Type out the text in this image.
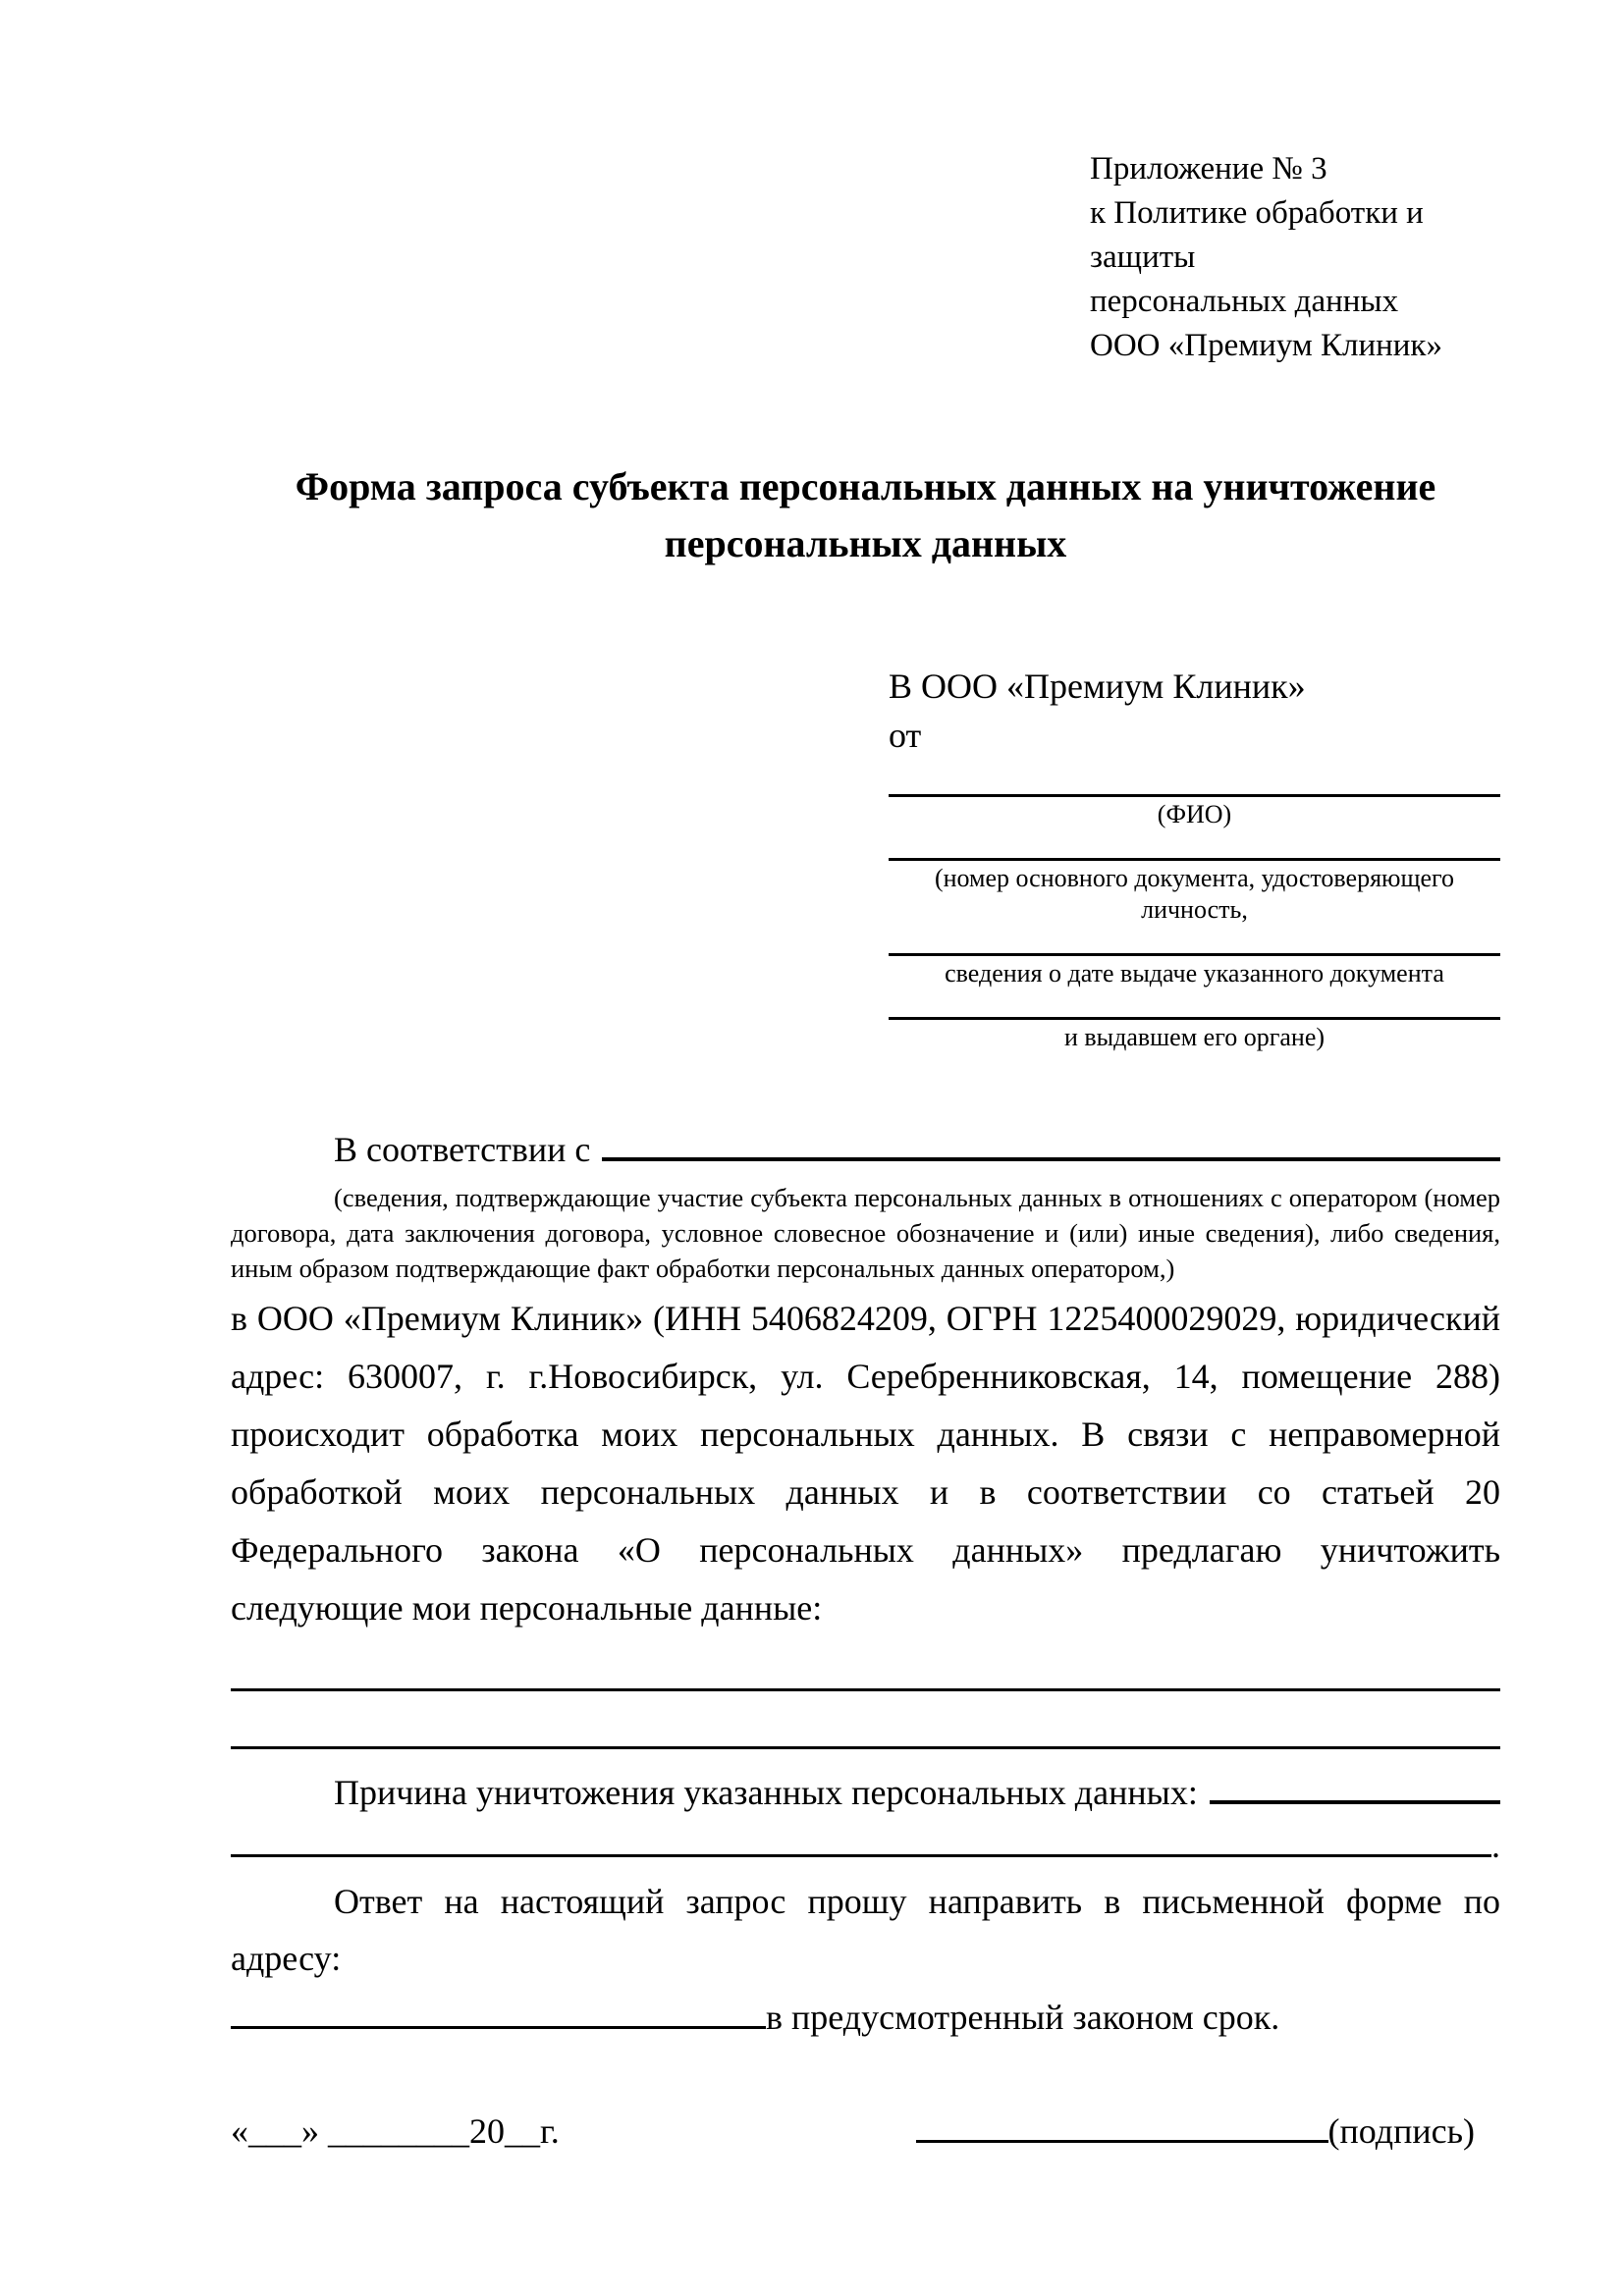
Приложение № 3
к Политике обработки и защиты
персональных данных
ООО «Премиум Клиник»
Форма запроса субъекта персональных данных на уничтожение персональных данных
В ООО «Премиум Клиник»
от
(ФИО)
(номер основного документа, удостоверяющего личность,
сведения о дате выдаче указанного документа
и выдавшем его органе)
В соответствии с
(сведения, подтверждающие участие субъекта персональных данных в отношениях с оператором (номер договора, дата заключения договора, условное словесное обозначение и (или) иные сведения), либо сведения, иным образом подтверждающие факт обработки персональных данных оператором,)
в ООО «Премиум Клиник» (ИНН 5406824209, ОГРН 1225400029029, юридический адрес: 630007, г. г.Новосибирск, ул. Серебренниковская, 14, помещение 288) происходит обработка моих персональных данных. В связи с неправомерной обработкой моих персональных данных и в соответствии со статьей 20 Федерального закона «О персональных данных» предлагаю уничтожить следующие мои персональные данные:
Причина уничтожения указанных персональных данных:
.
Ответ на настоящий запрос прошу направить в письменной форме по адресу:
в предусмотренный законом срок.
«___» ________20__г.	(подпись)
